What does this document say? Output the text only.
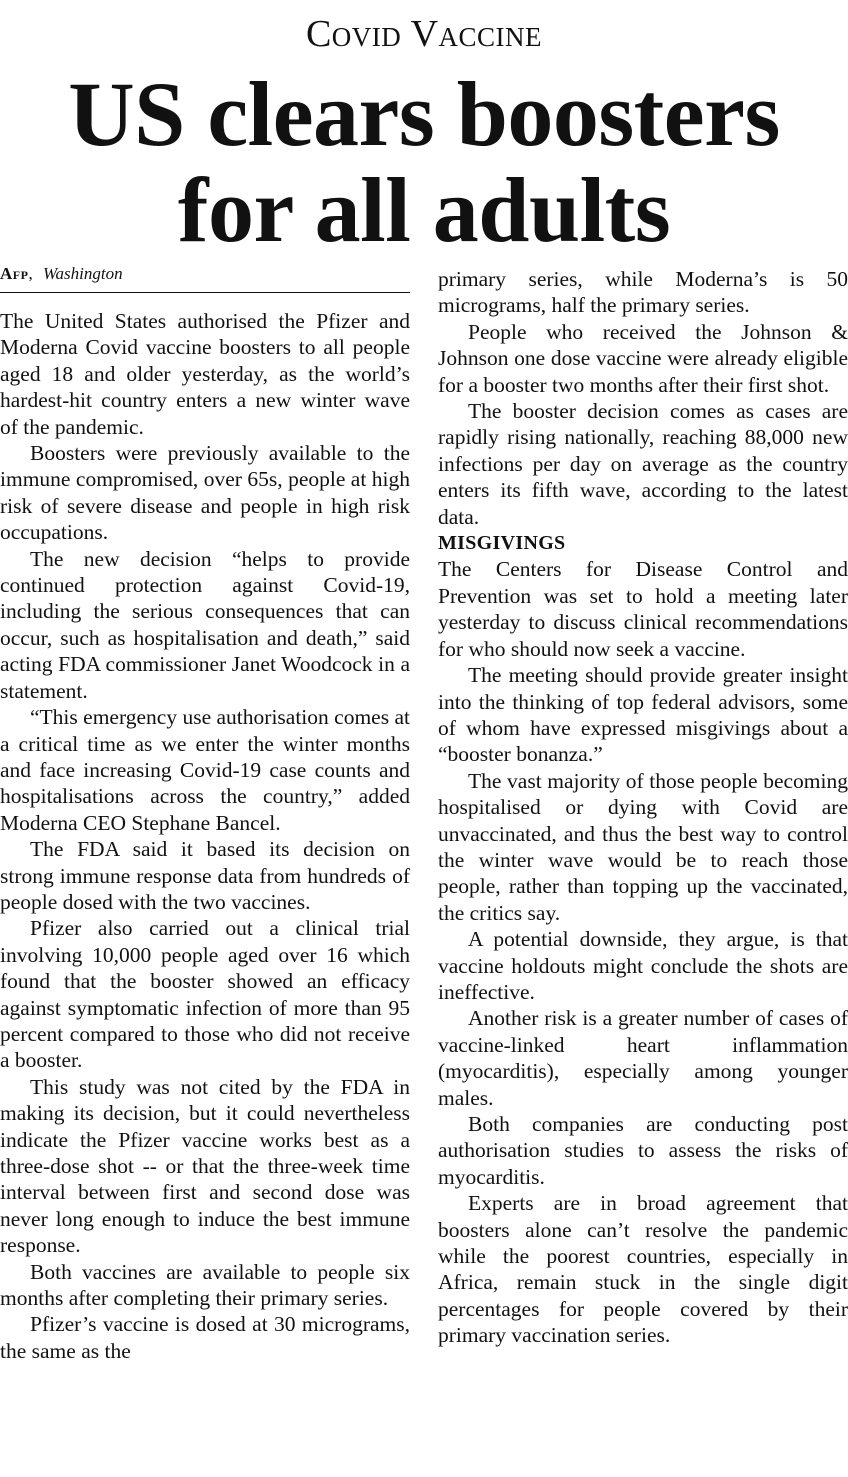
Covid Vaccine
US clears boosters
for all adults
Afp, Washington

The United States authorised the Pfizer and Moderna Covid vaccine boosters to all people aged 18 and older yesterday, as the world’s hardest-hit country enters a new winter wave of the pandemic.

Boosters were previously available to the immune compromised, over 65s, people at high risk of severe disease and people in high risk occupations.

The new decision “helps to provide continued protection against Covid-19, including the serious consequences that can occur, such as hospitalisation and death,” said acting FDA commissioner Janet Woodcock in a statement.

“This emergency use authorisation comes at a critical time as we enter the winter months and face increasing Covid-19 case counts and hospitalisations across the country,” added Moderna CEO Stephane Bancel.

The FDA said it based its decision on strong immune response data from hundreds of people dosed with the two vaccines.

Pfizer also carried out a clinical trial involving 10,000 people aged over 16 which found that the booster showed an efficacy against symptomatic infection of more than 95 percent compared to those who did not receive a booster.

This study was not cited by the FDA in making its decision, but it could nevertheless indicate the Pfizer vaccine works best as a three-dose shot -- or that the three-week time interval between first and second dose was never long enough to induce the best immune response.

Both vaccines are available to people six months after completing their primary series.

Pfizer’s vaccine is dosed at 30 micrograms, the same as the

primary series, while Moderna’s is 50 micrograms, half the primary series.

People who received the Johnson & Johnson one dose vaccine were already eligible for a booster two months after their first shot.

The booster decision comes as cases are rapidly rising nationally, reaching 88,000 new infections per day on average as the country enters its fifth wave, according to the latest data.

MISGIVINGS

The Centers for Disease Control and Prevention was set to hold a meeting later yesterday to discuss clinical recommendations for who should now seek a vaccine.

The meeting should provide greater insight into the thinking of top federal advisors, some of whom have expressed misgivings about a “booster bonanza.”

The vast majority of those people becoming hospitalised or dying with Covid are unvaccinated, and thus the best way to control the winter wave would be to reach those people, rather than topping up the vaccinated, the critics say.

A potential downside, they argue, is that vaccine holdouts might conclude the shots are ineffective.

Another risk is a greater number of cases of vaccine-linked heart inflammation (myocarditis), especially among younger males.

Both companies are conducting post authorisation studies to assess the risks of myocarditis.

Experts are in broad agreement that boosters alone can’t resolve the pandemic while the poorest countries, especially in Africa, remain stuck in the single digit percentages for people covered by their primary vaccination series.
